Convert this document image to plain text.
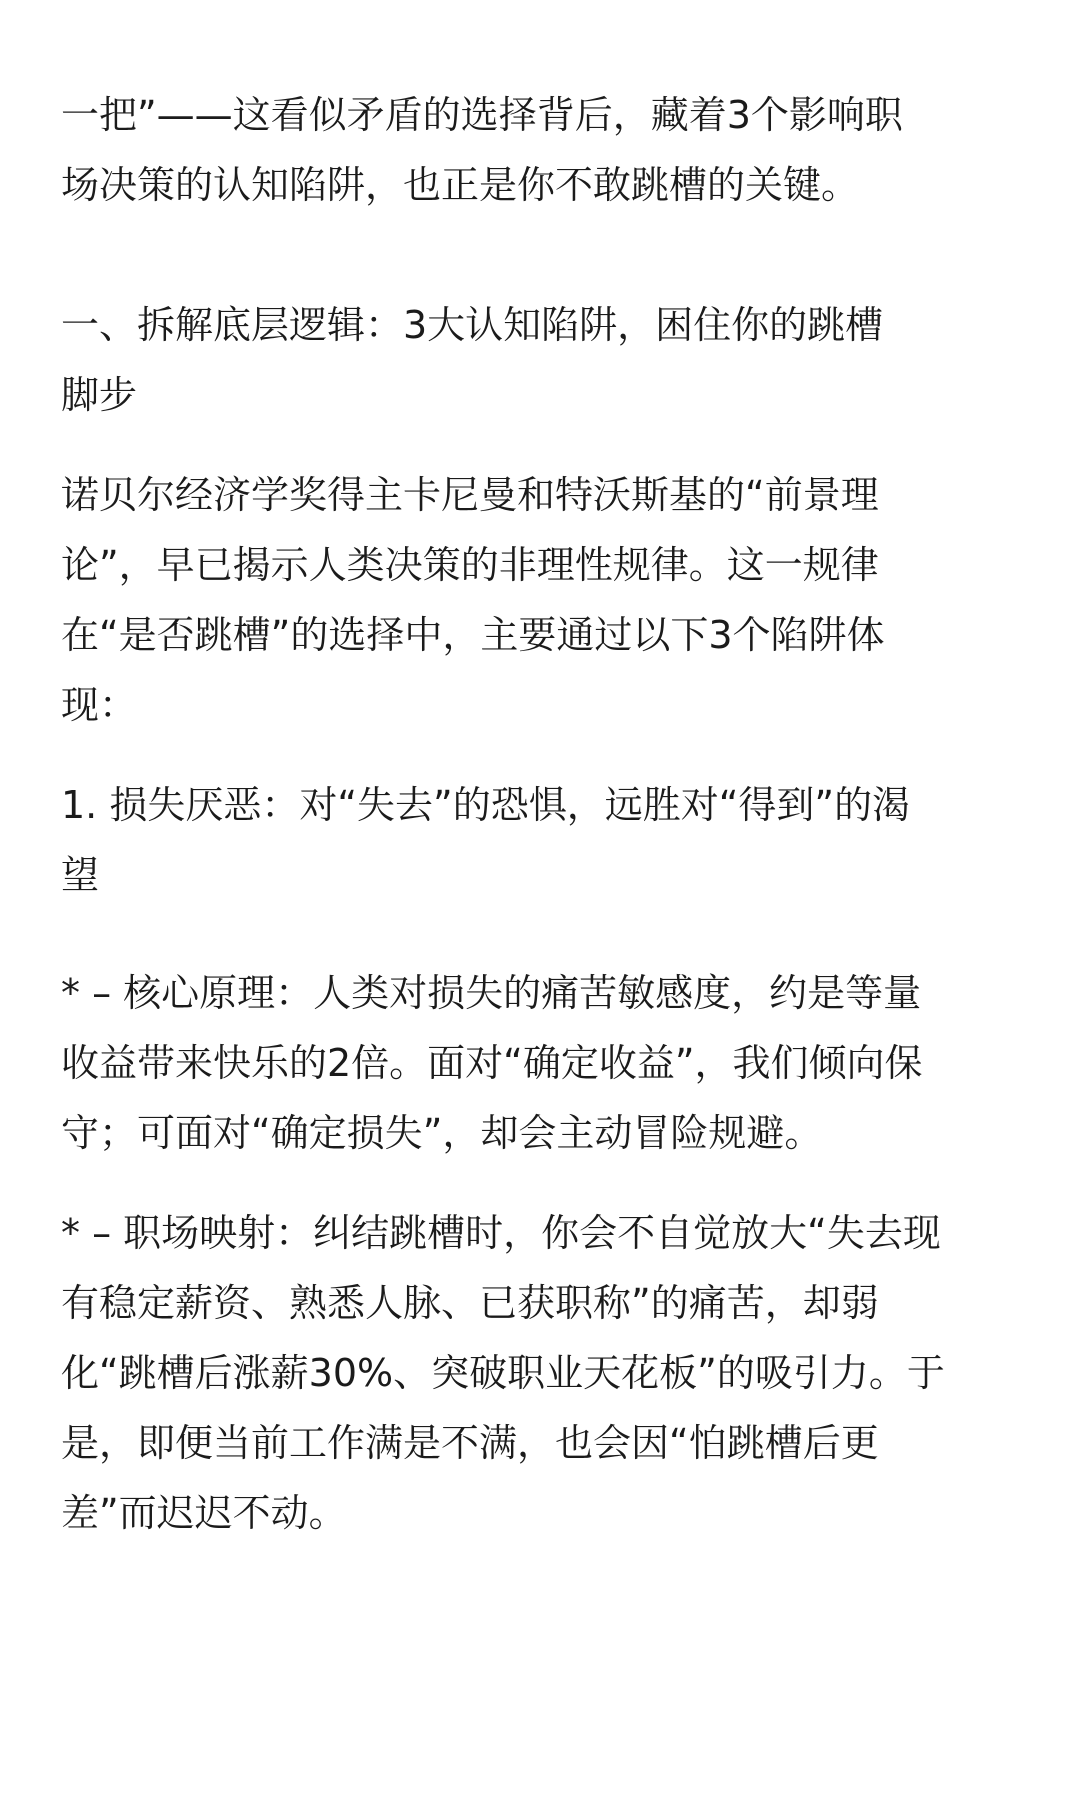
一把”——这看似矛盾的选择背后，藏着3个影响职
场决策的认知陷阱，也正是你不敢跳槽的关键。

一、拆解底层逻辑：3大认知陷阱，困住你的跳槽
脚步

诺贝尔经济学奖得主卡尼曼和特沃斯基的“前景理
论”，早已揭示人类决策的非理性规律。这一规律
在“是否跳槽”的选择中，主要通过以下3个陷阱体
现：

1. 损失厌恶：对“失去”的恐惧，远胜对“得到”的渴
望

* – 核心原理：人类对损失的痛苦敏感度，约是等量
收益带来快乐的2倍。面对“确定收益”，我们倾向保
守；可面对“确定损失”，却会主动冒险规避。

* – 职场映射：纠结跳槽时，你会不自觉放大“失去现
有稳定薪资、熟悉人脉、已获职称”的痛苦，却弱
化“跳槽后涨薪30%、突破职业天花板”的吸引力。于
是，即便当前工作满是不满，也会因“怕跳槽后更
差”而迟迟不动。
